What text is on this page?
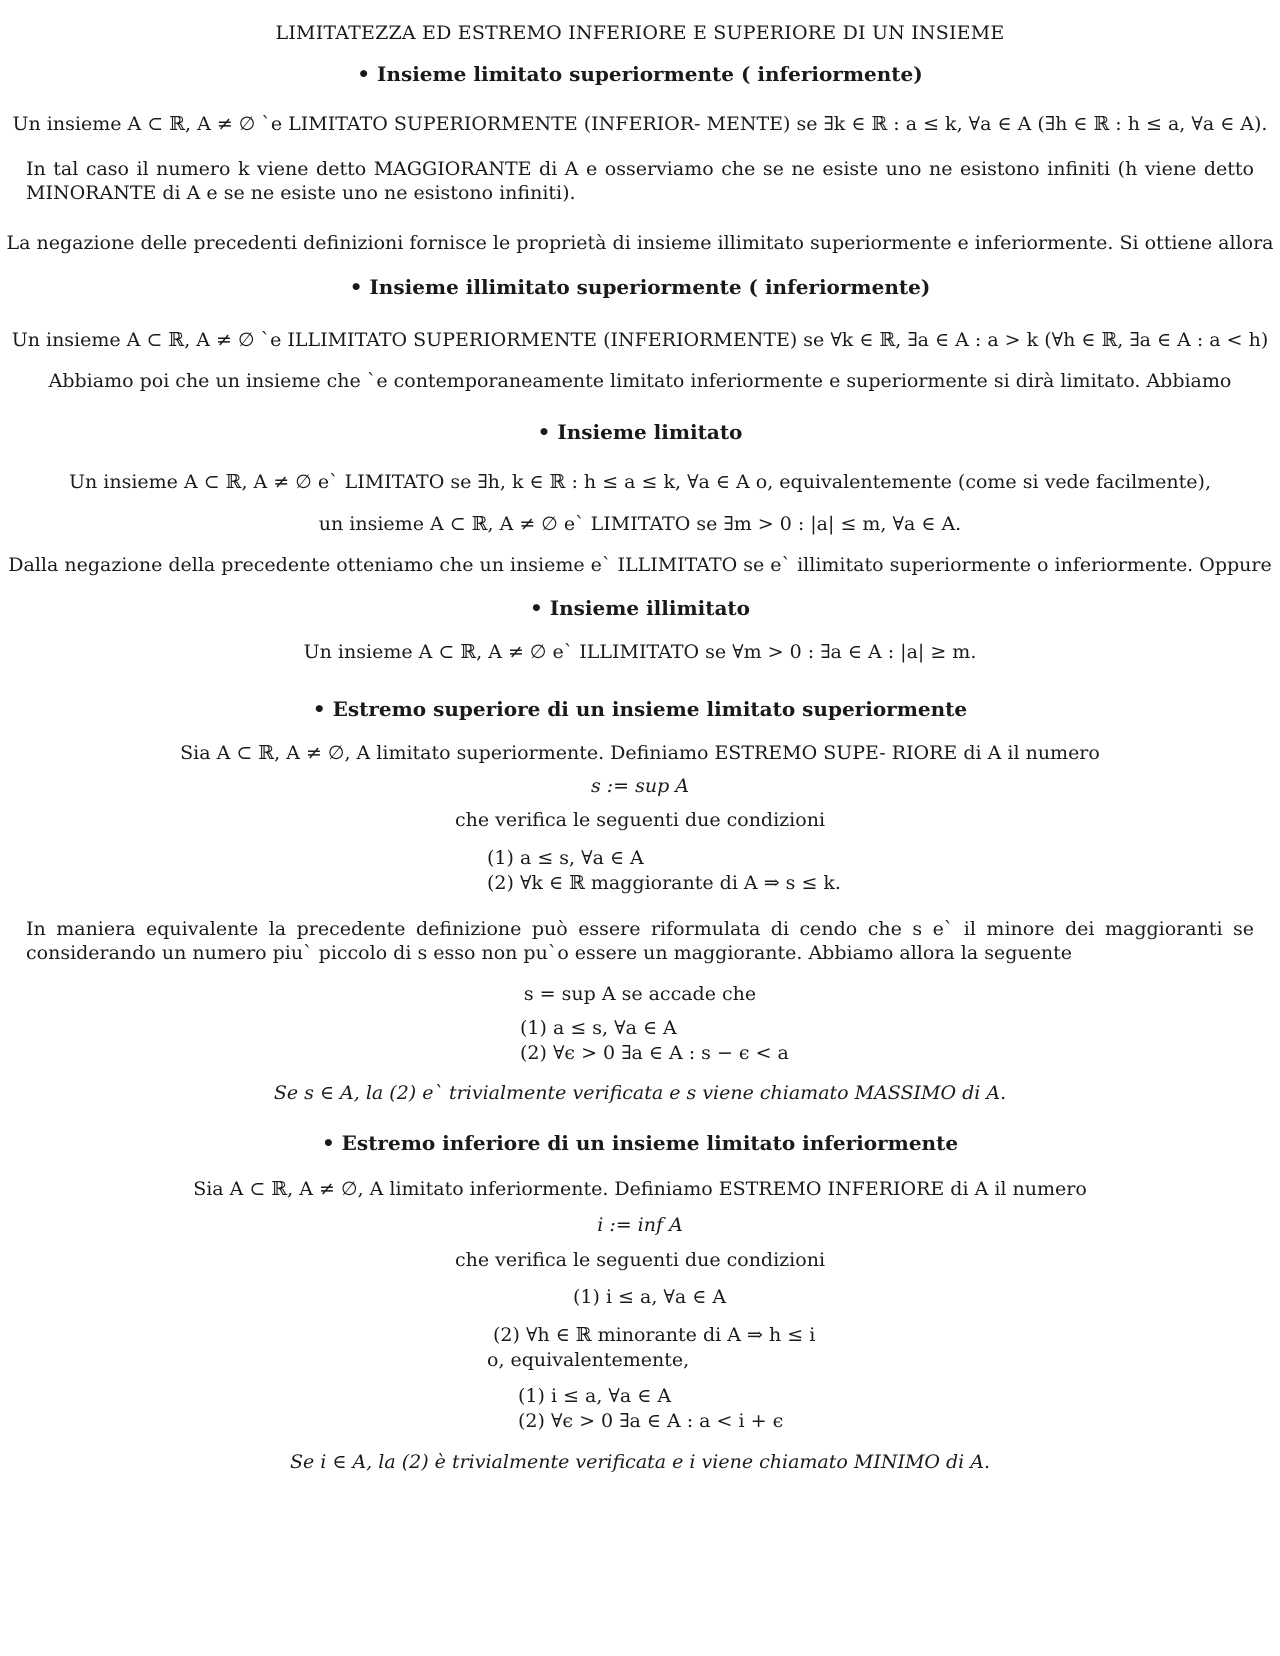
LIMITATEZZA ED ESTREMO INFERIORE E SUPERIORE DI UN INSIEME
• Insieme limitato superiormente ( inferiormente)
Un insieme A ⊂ ℝ, A ≠ ∅ `e LIMITATO SUPERIORMENTE (INFERIOR- MENTE) se ∃k ∈ ℝ : a ≤ k, ∀a ∈ A (∃h ∈ ℝ : h ≤ a, ∀a ∈ A).
In tal caso il numero k viene detto MAGGIORANTE di A e osserviamo che se ne esiste uno ne esistono infiniti (h viene detto MINORANTE di A e se ne esiste uno ne esistono infiniti).
La negazione delle precedenti definizioni fornisce le proprietà di insieme illimitato superiormente e inferiormente. Si ottiene allora
• Insieme illimitato superiormente ( inferiormente)
Un insieme A ⊂ ℝ, A ≠ ∅ `e ILLIMITATO SUPERIORMENTE (INFERIORMENTE) se ∀k ∈ ℝ, ∃a ∈ A : a > k (∀h ∈ ℝ, ∃a ∈ A : a < h)
Abbiamo poi che un insieme che `e contemporaneamente limitato inferiormente e superiormente si dirà limitato. Abbiamo
• Insieme limitato
Un insieme A ⊂ ℝ, A ≠ ∅ e` LIMITATO se ∃h, k ∈ ℝ : h ≤ a ≤ k, ∀a ∈ A o, equivalentemente (come si vede facilmente),
un insieme A ⊂ ℝ, A ≠ ∅ e` LIMITATO se ∃m > 0 : |a| ≤ m, ∀a ∈ A.
Dalla negazione della precedente otteniamo che un insieme e` ILLIMITATO se e` illimitato superiormente o inferiormente. Oppure
• Insieme illimitato
Un insieme A ⊂ ℝ, A ≠ ∅ e` ILLIMITATO se ∀m > 0 : ∃a ∈ A : |a| ≥ m.
• Estremo superiore di un insieme limitato superiormente
Sia A ⊂ ℝ, A ≠ ∅, A limitato superiormente. Definiamo ESTREMO SUPE- RIORE di A il numero
s := sup A
che verifica le seguenti due condizioni
(1) a ≤ s, ∀a ∈ A
(2) ∀k ∈ ℝ maggiorante di A ⇒ s ≤ k.
In maniera equivalente la precedente definizione può essere riformulata di cendo che s e` il minore dei maggioranti se considerando un numero piu` piccolo di s esso non pu`o essere un maggiorante. Abbiamo allora la seguente
s = sup A se accade che
(1) a ≤ s, ∀a ∈ A
(2) ∀ϵ > 0 ∃a ∈ A : s − ϵ < a
Se s ∈ A, la (2) e` trivialmente verificata e s viene chiamato MASSIMO di A.
• Estremo inferiore di un insieme limitato inferiormente
Sia A ⊂ ℝ, A ≠ ∅, A limitato inferiormente. Definiamo ESTREMO INFERIORE di A il numero
i := inf A
che verifica le seguenti due condizioni
(1) i ≤ a, ∀a ∈ A
(2) ∀h ∈ ℝ minorante di A ⇒ h ≤ i
o, equivalentemente,
(1) i ≤ a, ∀a ∈ A
(2) ∀ϵ > 0 ∃a ∈ A : a < i + ϵ
Se i ∈ A, la (2) è trivialmente verificata e i viene chiamato MINIMO di A.
